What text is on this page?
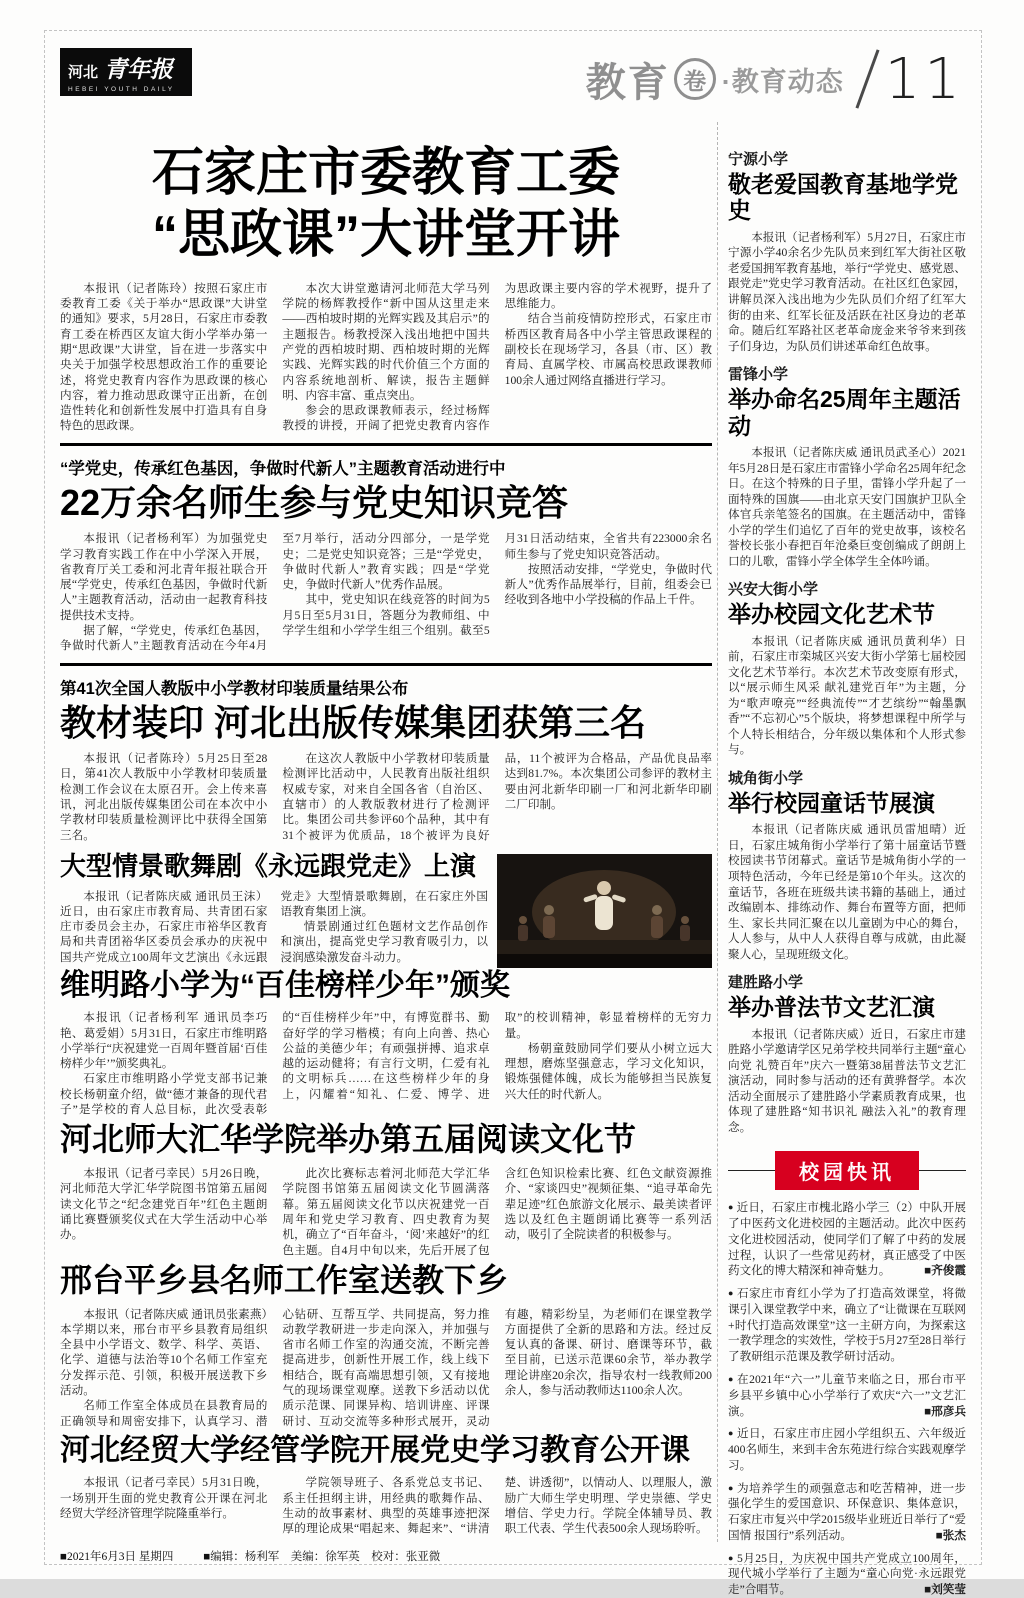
河北 青年报
HEBEI YOUTH DAILY	教育 卷 ·教育动态 11
石家庄市委教育工委
“思政课”大讲堂开讲

本报讯（记者陈玲）按照石家庄市委教育工委《关于举办“思政课”大讲堂的通知》要求，5月28日，石家庄市委教育工委在桥西区友谊大街小学举办第一期“思政课”大讲堂，旨在进一步落实中央关于加强学校思想政治工作的重要论述，将党史教育内容作为思政课的核心内容，着力推动思政课守正出新，在创造性转化和创新性发展中打造具有自身特色的思政课。

本次大讲堂邀请河北师范大学马列学院的杨辉教授作“新中国从这里走来——西柏坡时期的光辉实践及其启示”的主题报告。杨教授深入浅出地把中国共产党的西柏坡时期、西柏坡时期的光辉实践、光辉实践的时代价值三个方面的内容系统地剖析、解读，报告主题鲜明、内容丰富、重点突出。

参会的思政课教师表示，经过杨辉教授的讲授，开阔了把党史教育内容作为思政课主要内容的学术视野，提升了思维能力。

结合当前疫情防控形式，石家庄市桥西区教育局各中小学主管思政课程的副校长在现场学习，各县（市、区）教育局、直属学校、市属高校思政课教师100余人通过网络直播进行学习。

“学党史，传承红色基因，争做时代新人”主题教育活动进行中
22万余名师生参与党史知识竞答

本报讯（记者杨利军）为加强党史学习教育实践工作在中小学深入开展，省教育厅关工委和河北青年报社联合开展“学党史，传承红色基因，争做时代新人”主题教育活动，活动由一起教育科技提供技术支持。

据了解，“学党史，传承红色基因，争做时代新人”主题教育活动在今年4月至7月举行，活动分四部分，一是学党史；二是党史知识竞答；三是“学党史，争做时代新人”教育实践；四是“学党史，争做时代新人”优秀作品展。

其中，党史知识在线竞答的时间为5月5日至5月31日，答题分为教师组、中学学生组和小学学生组三个组别。截至5月31日活动结束，全省共有223000余名师生参与了党史知识竞答活动。

按照活动安排，“学党史，争做时代新人”优秀作品展举行，目前，组委会已经收到各地中小学投稿的作品上千件。

第41次全国人教版中小学教材印装质量结果公布
教材装印 河北出版传媒集团获第三名

本报讯（记者陈玲）5月25日至28日，第41次人教版中小学教材印装质量检测工作会议在太原召开。会上传来喜讯，河北出版传媒集团公司在本次中小学教材印装质量检测评比中获得全国第三名。

在这次人教版中小学教材印装质量检测评比活动中，人民教育出版社组织权威专家，对来自全国各省（自治区、直辖市）的人教版教材进行了检测评比。集团公司共参评60个品种，其中有31个被评为优质品，18个被评为良好品，11个被评为合格品，产品优良品率达到81.7%。本次集团公司参评的教材主要由河北新华印刷一厂和河北新华印刷二厂印制。

大型情景歌舞剧《永远跟党走》上演

本报讯（记者陈庆威 通讯员王沫）近日，由石家庄市教育局、共青团石家庄市委员会主办，石家庄市裕华区教育局和共青团裕华区委员会承办的庆祝中国共产党成立100周年文艺演出《永远跟党走》大型情景歌舞剧，在石家庄外国语教育集团上演。

情景剧通过红色题材文艺作品创作和演出，提高党史学习教育吸引力，以浸润感染激发奋斗动力。

维明路小学为“百佳榜样少年”颁奖

本报讯（记者杨利军 通讯员李巧艳、葛爱娟）5月31日，石家庄市维明路小学举行“庆祝建党一百周年暨首届‘百佳榜样少年’”颁奖典礼。

石家庄市维明路小学党支部书记兼校长杨朝童介绍，做“德才兼备的现代君子”是学校的育人总目标，此次受表彰的“百佳榜样少年”中，有博览群书、勤奋好学的学习楷模；有向上向善、热心公益的美德少年；有顽强拼搏、追求卓越的运动健将；有言行文明，仁爱有礼的文明标兵……在这些榜样少年的身上，闪耀着“知礼、仁爱、博学、进取”的校训精神，彰显着榜样的无穷力量。

杨朝童鼓励同学们要从小树立远大理想，磨炼坚强意志，学习文化知识，锻炼强健体魄，成长为能够担当民族复兴大任的时代新人。

河北师大汇华学院举办第五届阅读文化节

本报讯（记者弓幸民）5月26日晚，河北师范大学汇华学院图书馆第五届阅读文化节之“纪念建党百年”红色主题朗诵比赛暨颁奖仪式在大学生活动中心举办。

此次比赛标志着河北师范大学汇华学院图书馆第五届阅读文化节圆满落幕。第五届阅读文化节以庆祝建党一百周年和党史学习教育、四史教育为契机，确立了“百年奋斗，‘阅’来越好”的红色主题。自4月中旬以来，先后开展了包含红色知识检索比赛、红色文献资源推介、“家谈四史”视频征集、“追寻革命先辈足迹”红色旅游文化展示、最美读者评选以及红色主题朗诵比赛等一系列活动，吸引了全院读者的积极参与。

邢台平乡县名师工作室送教下乡

本报讯（记者陈庆威 通讯员张素燕）本学期以来，邢台市平乡县教育局组织全县中小学语文、数学、科学、英语、化学、道德与法治等10个名师工作室充分发挥示范、引领，积极开展送教下乡活动。

名师工作室全体成员在县教育局的正确领导和周密安排下，认真学习、潜心钻研、互帮互学、共同提高，努力推动教学教研进一步走向深入，并加强与省市名师工作室的沟通交流，不断完善提高进步，创新性开展工作，线上线下相结合，既有高端思想引领，又有接地气的现场课堂观摩。送教下乡活动以优质示范课、同课异构、培训讲座、评课研讨、互动交流等多种形式展开，灵动有趣，精彩纷呈，为老师们在课堂教学方面提供了全新的思路和方法。经过反复认真的备课、研讨、磨课等环节，截至目前，已送示范课60余节，举办教学理论讲座20余次，指导农村一线教师200余人，参与活动教师达1100余人次。

河北经贸大学经管学院开展党史学习教育公开课

本报讯（记者弓幸民）5月31日晚，一场别开生面的党史教育公开课在河北经贸大学经济管理学院隆重举行。

学院领导班子、各系党总支书记、系主任担纲主讲，用经典的歌舞作品、生动的故事素材、典型的英雄事迹把深厚的理论成果“唱起来、舞起来”、“讲清楚、讲透彻”，以情动人、以理服人，激励广大师生学史明理、学史崇德、学史增信、学史力行。学院全体辅导员、教职工代表、学生代表500余人现场聆听。

宁源小学
敬老爱国教育基地学党史
本报讯（记者杨利军）5月27日，石家庄市宁源小学40余名少先队员来到红军大街社区敬老爱国拥军教育基地，举行“学党史、感党恩、跟党走”党史学习教育活动。在社区红色家园，讲解员深入浅出地为少先队员们介绍了红军大街的由来、红军长征及活跃在社区身边的老革命。随后红军路社区老革命庞金来爷爷来到孩子们身边，为队员们讲述革命红色故事。
雷锋小学
举办命名25周年主题活动
本报讯（记者陈庆威 通讯员武圣心）2021年5月28日是石家庄市雷锋小学命名25周年纪念日。在这个特殊的日子里，雷锋小学升起了一面特殊的国旗——由北京天安门国旗护卫队全体官兵亲笔签名的国旗。在主题活动中，雷锋小学的学生们追忆了百年的党史故事，该校名誉校长张小春把百年沧桑巨变创编成了朗朗上口的儿歌，雷锋小学全体学生全体吟诵。
兴安大街小学
举办校园文化艺术节
本报讯（记者陈庆威 通讯员黄利华）日前，石家庄市栾城区兴安大街小学第七届校园文化艺术节举行。本次艺术节改变原有形式，以“展示师生风采 献礼建党百年”为主题，分为“歌声嘹亮”“经典流传”“才艺缤纷”“翰墨飘香”“不忘初心”5个版块，将梦想课程中所学与个人特长相结合，分年级以集体和个人形式参与。
城角街小学
举行校园童话节展演
本报讯（记者陈庆威 通讯员雷旭晴）近日，石家庄城角街小学举行了第十届童话节暨校园读书节闭幕式。童话节是城角街小学的一项特色活动，今年已经是第10个年头。这次的童话节，各班在班级共读书籍的基础上，通过改编剧本、排练动作、舞台布置等方面，把师生、家长共同汇聚在以儿童剧为中心的舞台，人人参与，从中人人获得自尊与成就，由此凝聚人心，呈现班级文化。
建胜路小学
举办普法节文艺汇演
本报讯（记者陈庆威）近日，石家庄市建胜路小学邀请学区兄弟学校共同举行主题“童心向党 礼赞百年”庆六一暨第38届普法节文艺汇演活动，同时参与活动的还有黄骅督学。本次活动全面展示了建胜路小学素质教育成果，也体现了建胜路“知书识礼 融法入礼”的教育理念。
校园快讯
● 近日，石家庄市槐北路小学三（2）中队开展了中医药文化进校园的主题活动。此次中医药文化进校园活动，使同学们了解了中药的发展过程，认识了一些常见药材，真正感受了中医药文化的博大精深和神奇魅力。	■齐俊霞
● 石家庄市育红小学为了打造高效课堂，将微课引入课堂教学中来，确立了“让微课在互联网+时代打造高效课堂”这一主研方向，为探索这一教学理念的实效性，学校于5月27至28日举行了教研组示范课及教学研讨活动。
● 在2021年“六一”儿童节来临之日，邢台市平乡县平乡镇中心小学举行了欢庆“六一”文艺汇演。	■邢彦兵
● 近日，石家庄市庄园小学组织五、六年级近400名师生，来到丰舍东苑进行综合实践观摩学习。
● 为培养学生的顽强意志和吃苦精神，进一步强化学生的爱国意识、环保意识、集体意识，石家庄市复兴中学2015级毕业班近日举行了“爱国情 报国行”系列活动。	■张杰
● 5月25日，为庆祝中国共产党成立100周年，现代城小学举行了主题为“童心向党·永远跟党走”合唱节。	■刘笑莹
■2021年6月3日 星期四	■编辑：杨利军　美编：徐军英　校对：张亚微
